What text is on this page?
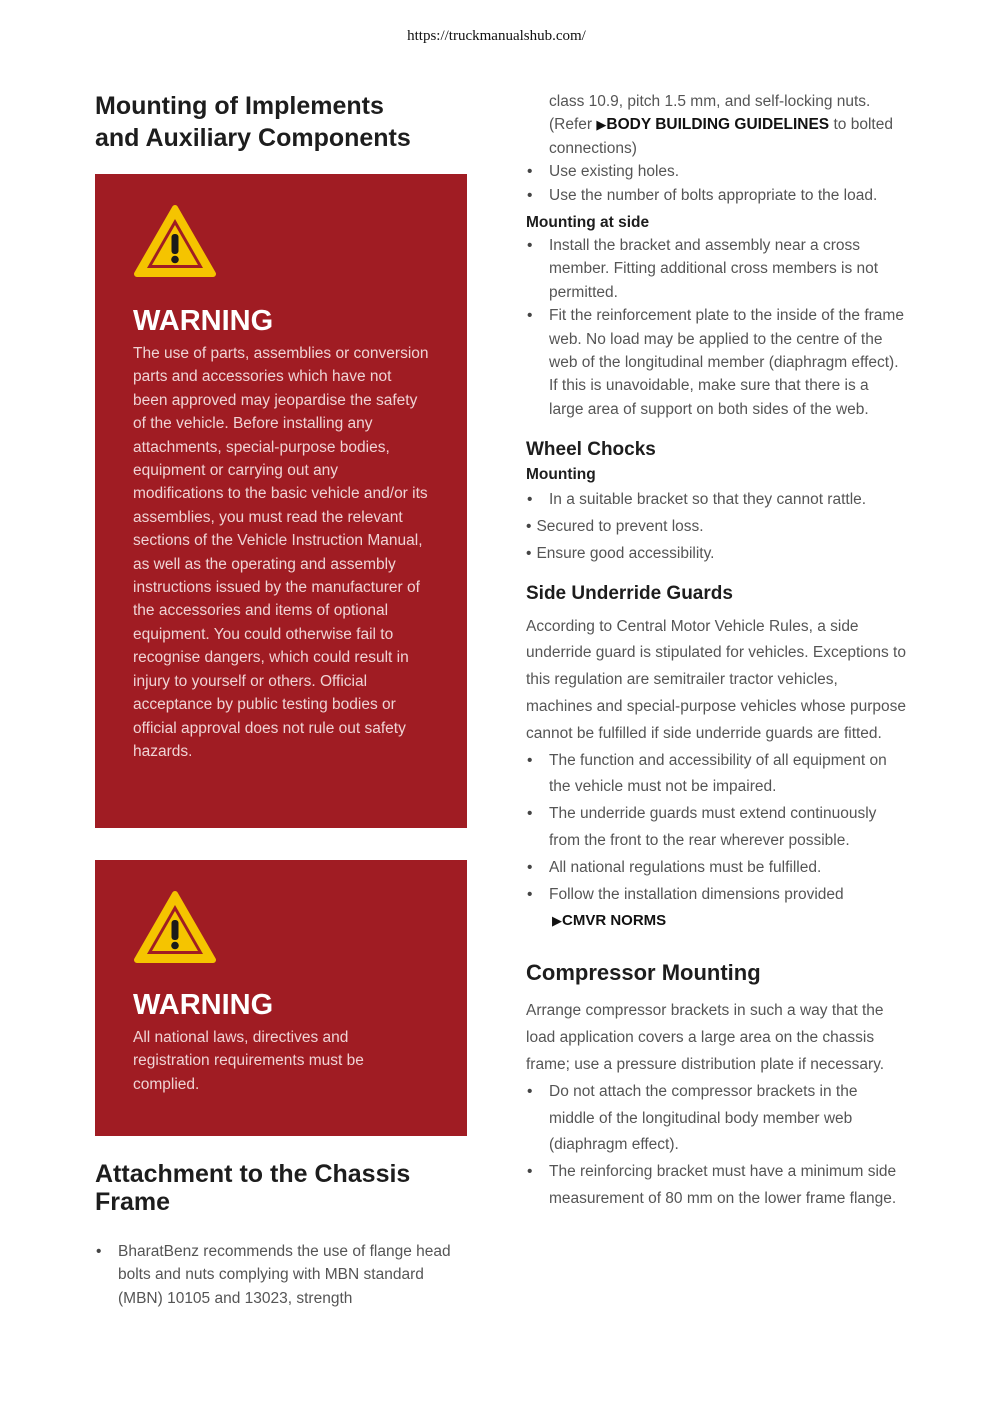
https://truckmanualshub.com/
Mounting of Implements
and Auxiliary Components
WARNING
The use of parts, assemblies or conversion parts and accessories which have not been approved may jeopardise the safety of the vehicle. Before installing any attachments, special-purpose bodies, equipment or carrying out any modifications to the basic vehicle and/or its assemblies, you must read the relevant sections of the Vehicle Instruction Manual, as well as the operating and assembly instructions issued by the manufacturer of the accessories and items of optional equipment. You could otherwise fail to recognise dangers, which could result in injury to yourself or others. Official acceptance by public testing bodies or official approval does not rule out safety hazards.
WARNING
All national laws, directives and registration requirements must be complied.
Attachment to the Chassis Frame
• BharatBenz recommends the use of flange head bolts and nuts complying with MBN standard (MBN) 10105 and 13023, strength
class 10.9, pitch 1.5 mm, and self-locking nuts. (Refer ▶BODY BUILDING GUIDELINES to bolted connections)
• Use existing holes.
• Use the number of bolts appropriate to the load.
Mounting at side
• Install the bracket and assembly near a cross member. Fitting additional cross members is not permitted.
• Fit the reinforcement plate to the inside of the frame web. No load may be applied to the centre of the web of the longitudinal member (diaphragm effect). If this is unavoidable, make sure that there is a large area of support on both sides of the web.
Wheel Chocks
Mounting
• In a suitable bracket so that they cannot rattle.
• Secured to prevent loss.
• Ensure good accessibility.
Side Underride Guards

According to Central Motor Vehicle Rules, a side underride guard is stipulated for vehicles. Exceptions to this regulation are semitrailer tractor vehicles, machines and special-purpose vehicles whose purpose cannot be fulfilled if side underride guards are fitted.

• The function and accessibility of all equipment on the vehicle must not be impaired.
• The underride guards must extend continuously from the front to the rear wherever possible.
• All national regulations must be fulfilled.
• Follow the installation dimensions provided
▶CMVR NORMS
Compressor Mounting

Arrange compressor brackets in such a way that the load application covers a large area on the chassis frame; use a pressure distribution plate if necessary.

• Do not attach the compressor brackets in the middle of the longitudinal body member web (diaphragm effect).
• The reinforcing bracket must have a minimum side measurement of 80 mm on the lower frame flange.
